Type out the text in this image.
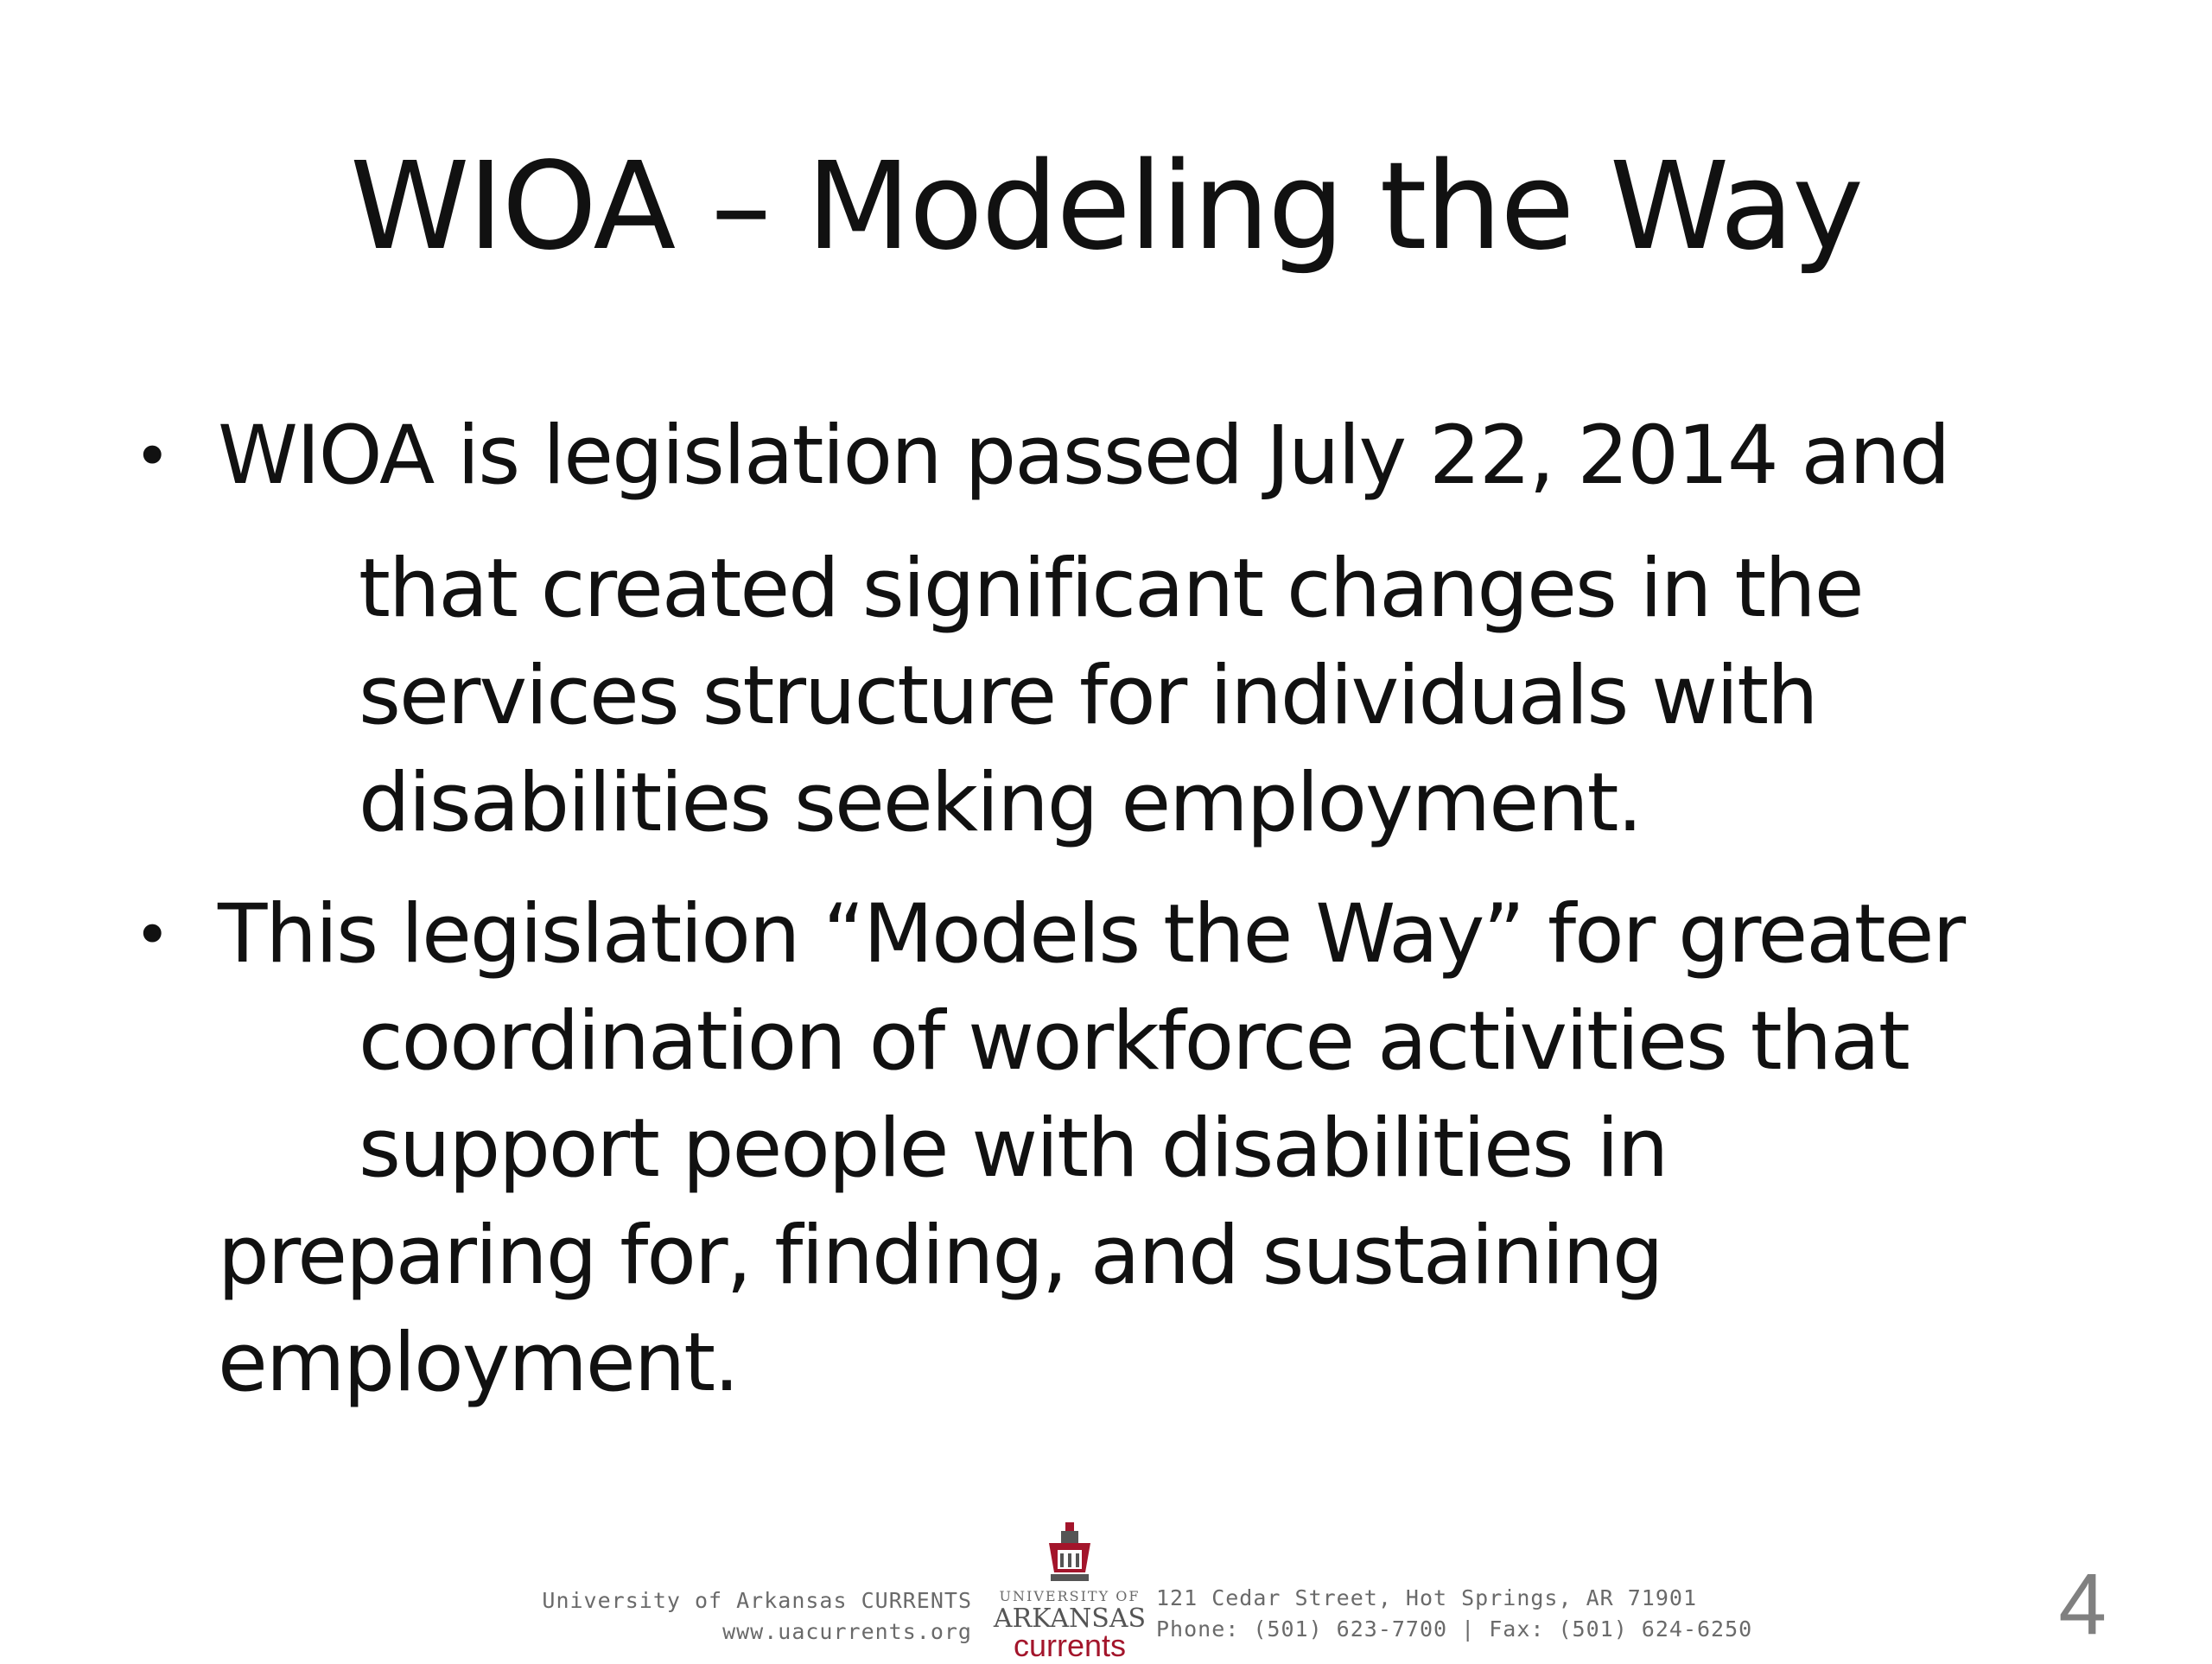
WIOA – Modeling the Way
• WIOA is legislation passed July 22, 2014 and
that created significant changes in the
services structure for individuals with
disabilities seeking employment.
• This legislation “Models the Way” for greater
coordination of workforce activities that
support people with disabilities in
preparing for, finding, and sustaining
employment.
University of Arkansas CURRENTS
www.uacurrents.org
UNIVERSITY OF
ARKANSAS
currents
121 Cedar Street, Hot Springs, AR 71901
Phone: (501) 623-7700 | Fax: (501) 624-6250	4
